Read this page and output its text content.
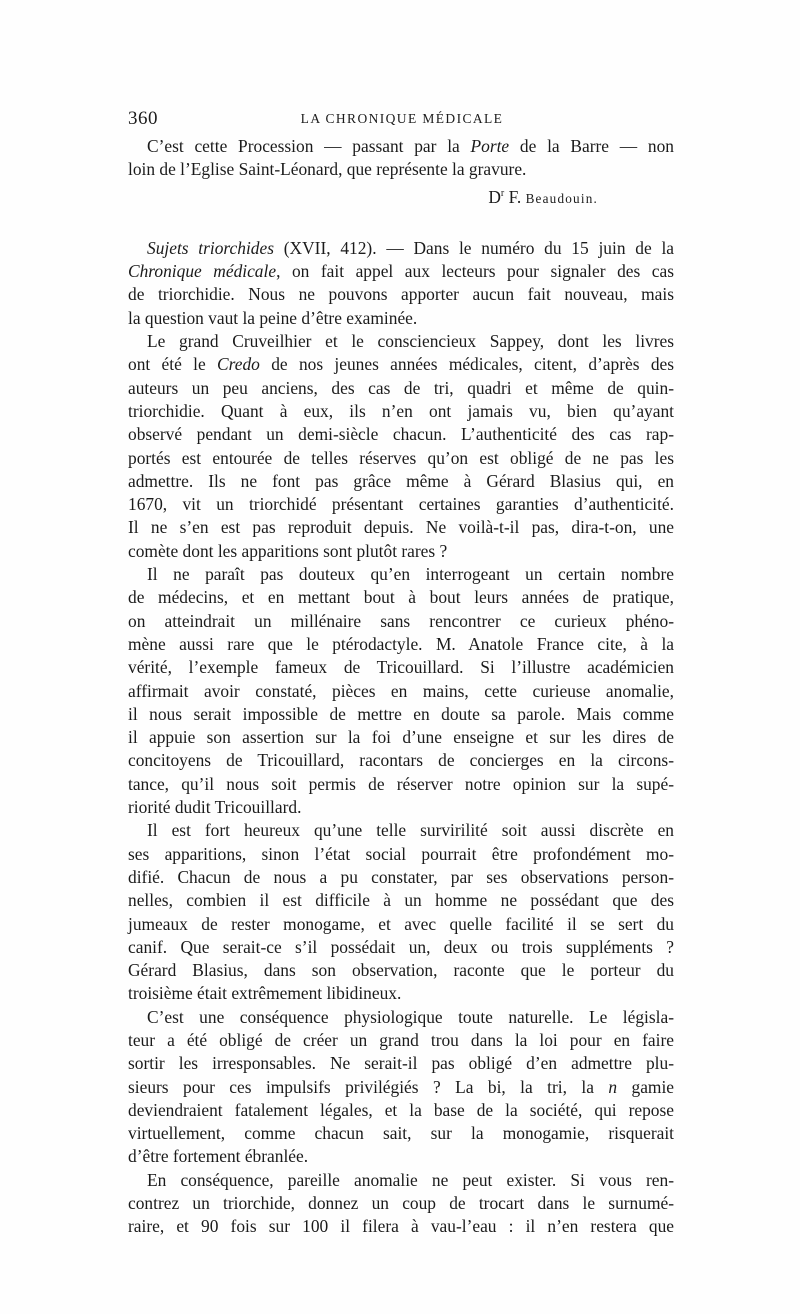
360	LA CHRONIQUE MÉDICALE
C’est cette Procession — passant par la Porte de la Barre — non
loin de l’Eglise Saint-Léonard, que représente la gravure.
$D^r$ F. Beaudouin.
Sujets triorchides (XVII, 412). — Dans le numéro du 15 juin de la
Chronique médicale, on fait appel aux lecteurs pour signaler des cas
de triorchidie. Nous ne pouvons apporter aucun fait nouveau, mais
la question vaut la peine d’être examinée.
Le grand Cruveilhier et le consciencieux Sappey, dont les livres
ont été le Credo de nos jeunes années médicales, citent, d’après des
auteurs un peu anciens, des cas de tri, quadri et même de quin-
triorchidie. Quant à eux, ils n’en ont jamais vu, bien qu’ayant
observé pendant un demi-siècle chacun. L’authenticité des cas rap-
portés est entourée de telles réserves qu’on est obligé de ne pas les
admettre. Ils ne font pas grâce même à Gérard Blasius qui, en
1670, vit un triorchidé présentant certaines garanties d’authenticité.
Il ne s’en est pas reproduit depuis. Ne voilà-t-il pas, dira-t-on, une
comète dont les apparitions sont plutôt rares ?
Il ne paraît pas douteux qu’en interrogeant un certain nombre
de médecins, et en mettant bout à bout leurs années de pratique,
on atteindrait un millénaire sans rencontrer ce curieux phéno-
mène aussi rare que le ptérodactyle. M. Anatole France cite, à la
vérité, l’exemple fameux de Tricouillard. Si l’illustre académicien
affirmait avoir constaté, pièces en mains, cette curieuse anomalie,
il nous serait impossible de mettre en doute sa parole. Mais comme
il appuie son assertion sur la foi d’une enseigne et sur les dires de
concitoyens de Tricouillard, racontars de concierges en la circons-
tance, qu’il nous soit permis de réserver notre opinion sur la supé-
riorité dudit Tricouillard.
Il est fort heureux qu’une telle survirilité soit aussi discrète en
ses apparitions, sinon l’état social pourrait être profondément mo-
difié. Chacun de nous a pu constater, par ses observations person-
nelles, combien il est difficile à un homme ne possédant que des
jumeaux de rester monogame, et avec quelle facilité il se sert du
canif. Que serait-ce s’il possédait un, deux ou trois suppléments ?
Gérard Blasius, dans son observation, raconte que le porteur du
troisième était extrêmement libidineux.
C’est une conséquence physiologique toute naturelle. Le législa-
teur a été obligé de créer un grand trou dans la loi pour en faire
sortir les irresponsables. Ne serait-il pas obligé d’en admettre plu-
sieurs pour ces impulsifs privilégiés ? La bi, la tri, la n gamie
deviendraient fatalement légales, et la base de la société, qui repose
virtuellement, comme chacun sait, sur la monogamie, risquerait
d’être fortement ébranlée.
En conséquence, pareille anomalie ne peut exister. Si vous ren-
contrez un triorchide, donnez un coup de trocart dans le surnumé-
raire, et 90 fois sur 100 il filera à vau-l’eau : il n’en restera que
